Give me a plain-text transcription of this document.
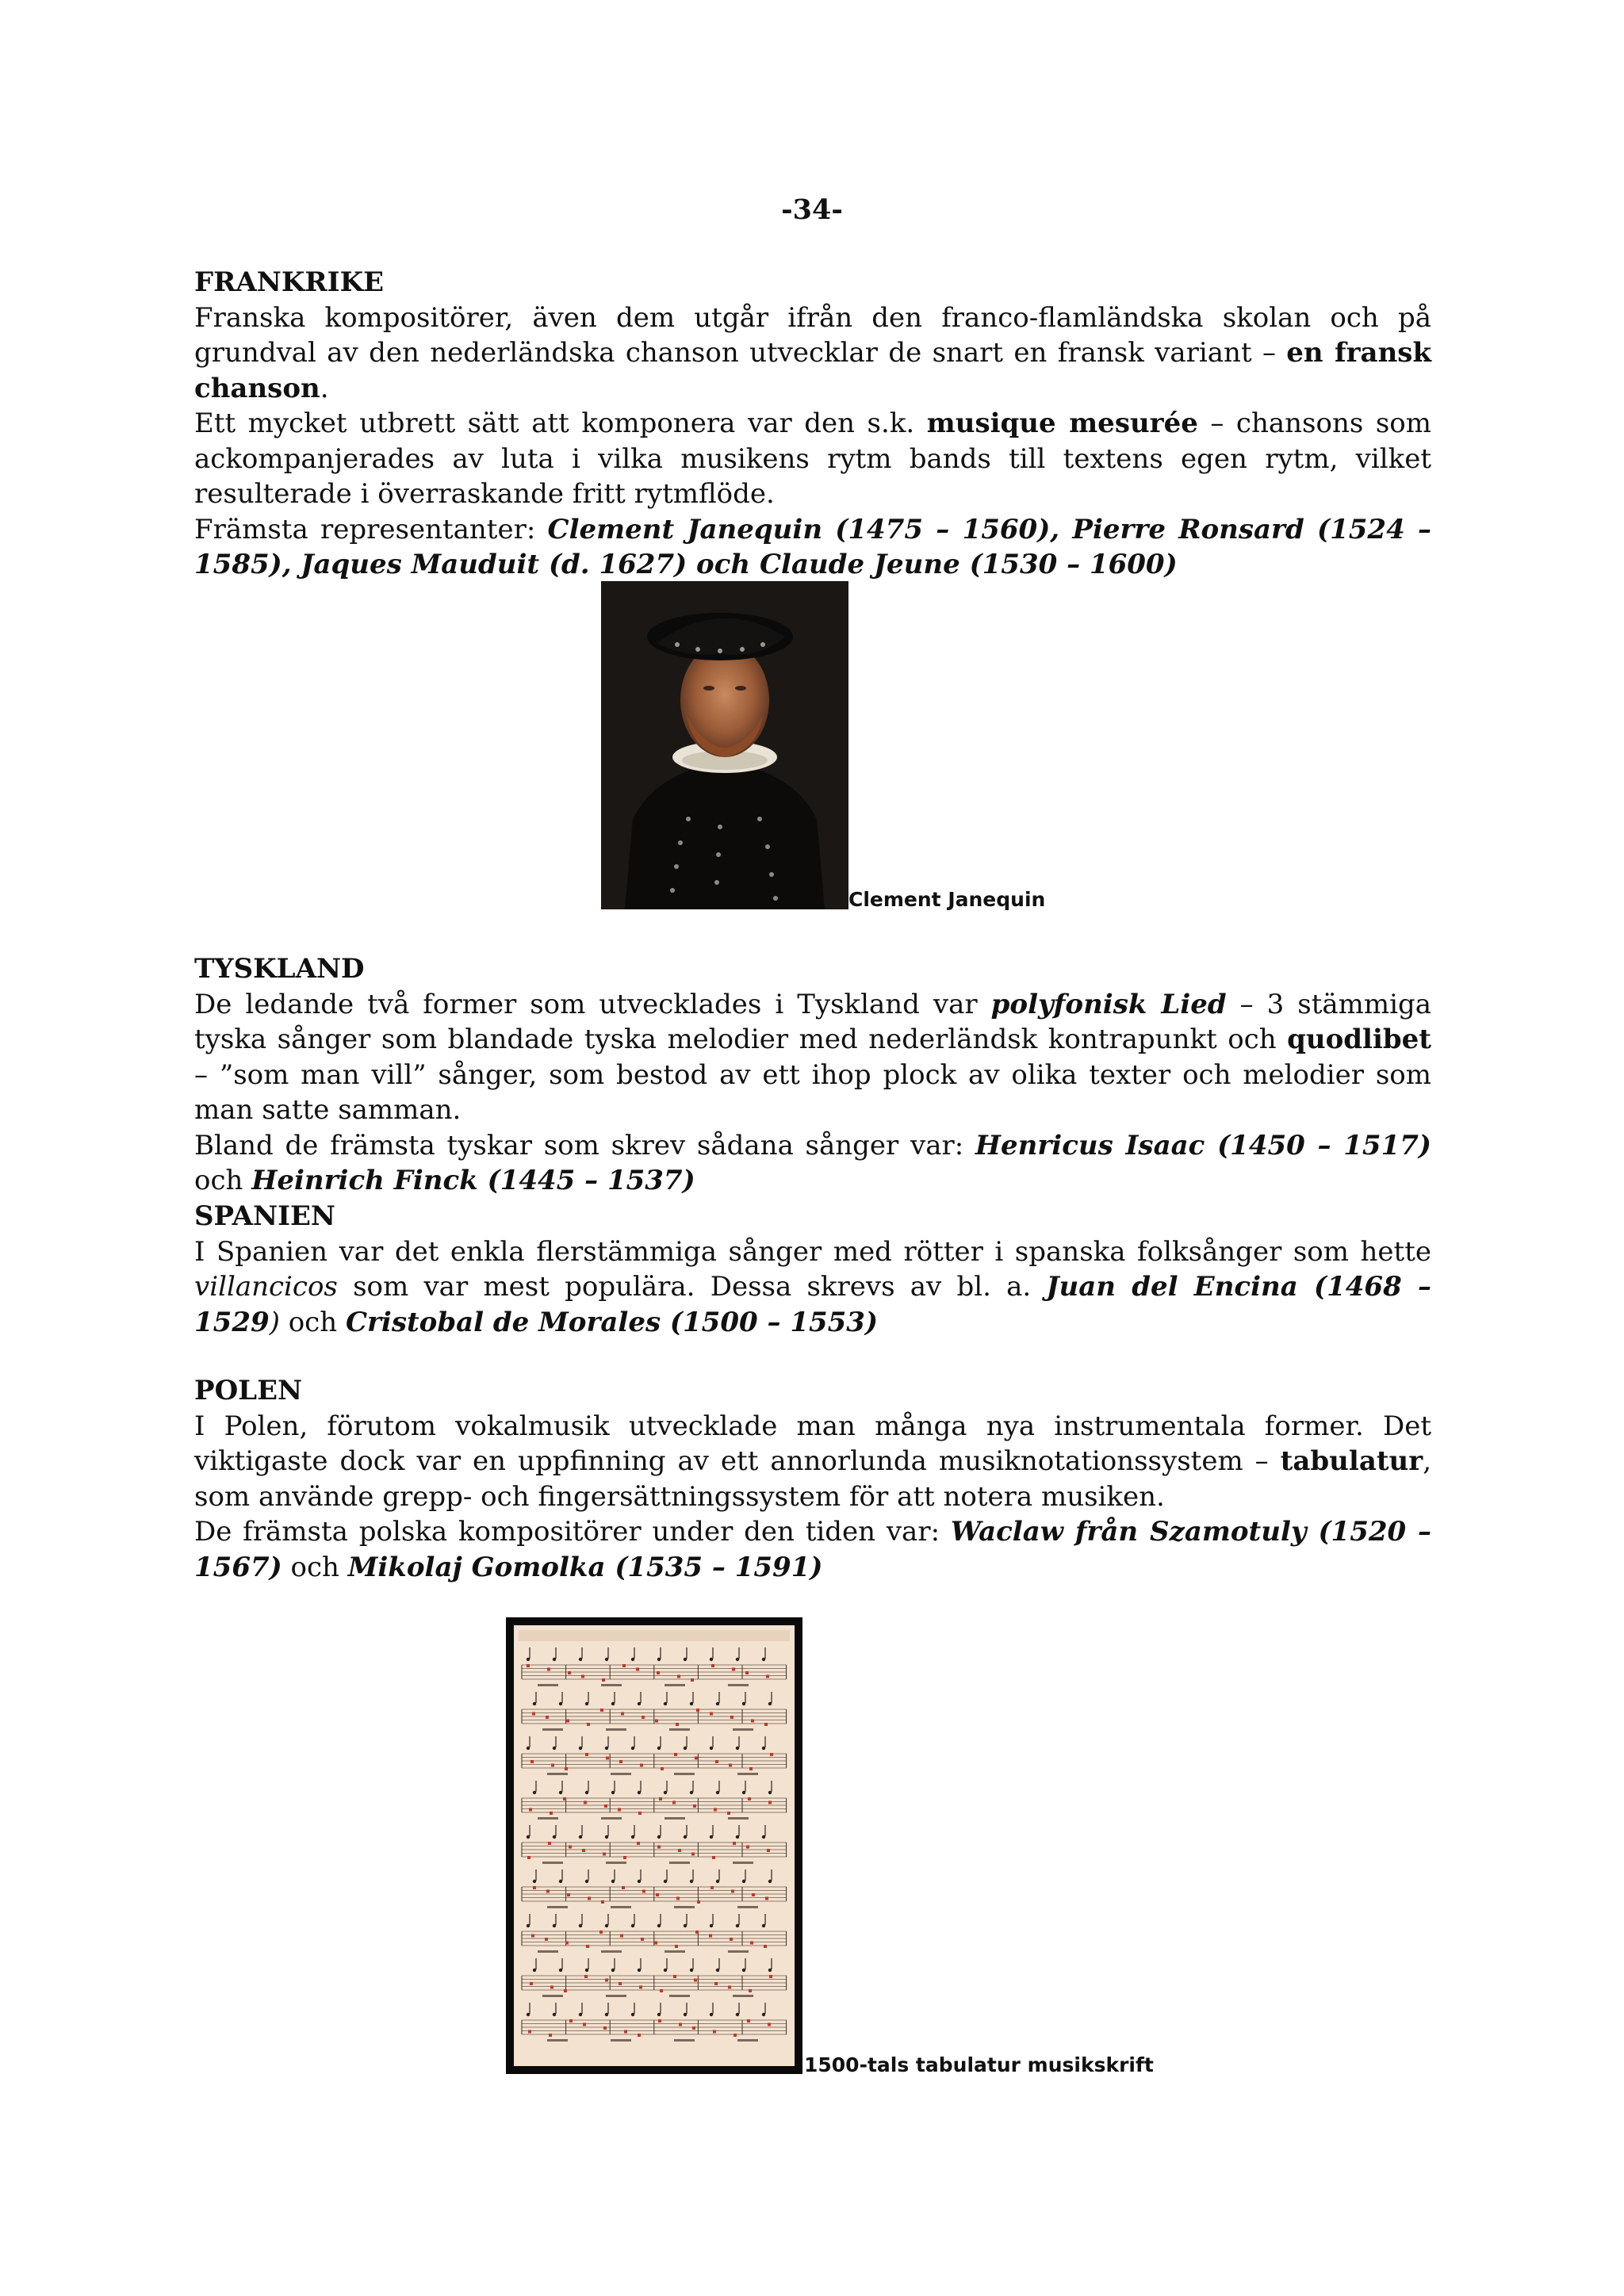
-34-
FRANKRIKE

Franska kompositörer, även dem utgår ifrån den franco-flamländska skolan och på grundval av den nederländska chanson utvecklar de snart en fransk variant – en fransk chanson.

Ett mycket utbrett sätt att komponera var den s.k. musique mesurée – chansons som ackompanjerades av luta i vilka musikens rytm bands till textens egen rytm, vilket resulterade i överraskande fritt rytmflöde.

Främsta representanter: Clement Janequin (1475 – 1560), Pierre Ronsard (1524 – 1585), Jaques Mauduit (d. 1627) och Claude Jeune (1530 – 1600)

Clement Janequin
TYSKLAND

De ledande två former som utvecklades i Tyskland var polyfonisk Lied – 3 stämmiga tyska sånger som blandade tyska melodier med nederländsk kontrapunkt och quodlibet – ”som man vill” sånger, som bestod av ett ihop plock av olika texter och melodier som man satte samman.

Bland de främsta tyskar som skrev sådana sånger var: Henricus Isaac (1450 – 1517) och Heinrich Finck (1445 – 1537)

SPANIEN

I Spanien var det enkla flerstämmiga sånger med rötter i spanska folksånger som hette villancicos som var mest populära. Dessa skrevs av bl. a. Juan del Encina (1468 – 1529) och Cristobal de Morales (1500 – 1553)

POLEN

I Polen, förutom vokalmusik utvecklade man många nya instrumentala former. Det viktigaste dock var en uppfinning av ett annorlunda musiknotationssystem – tabulatur, som använde grepp- och fingersättningssystem för att notera musiken.

De främsta polska kompositörer under den tiden var: Waclaw från Szamotuly (1520 – 1567) och Mikolaj Gomolka (1535 – 1591)

1500-tals tabulatur musikskrift
